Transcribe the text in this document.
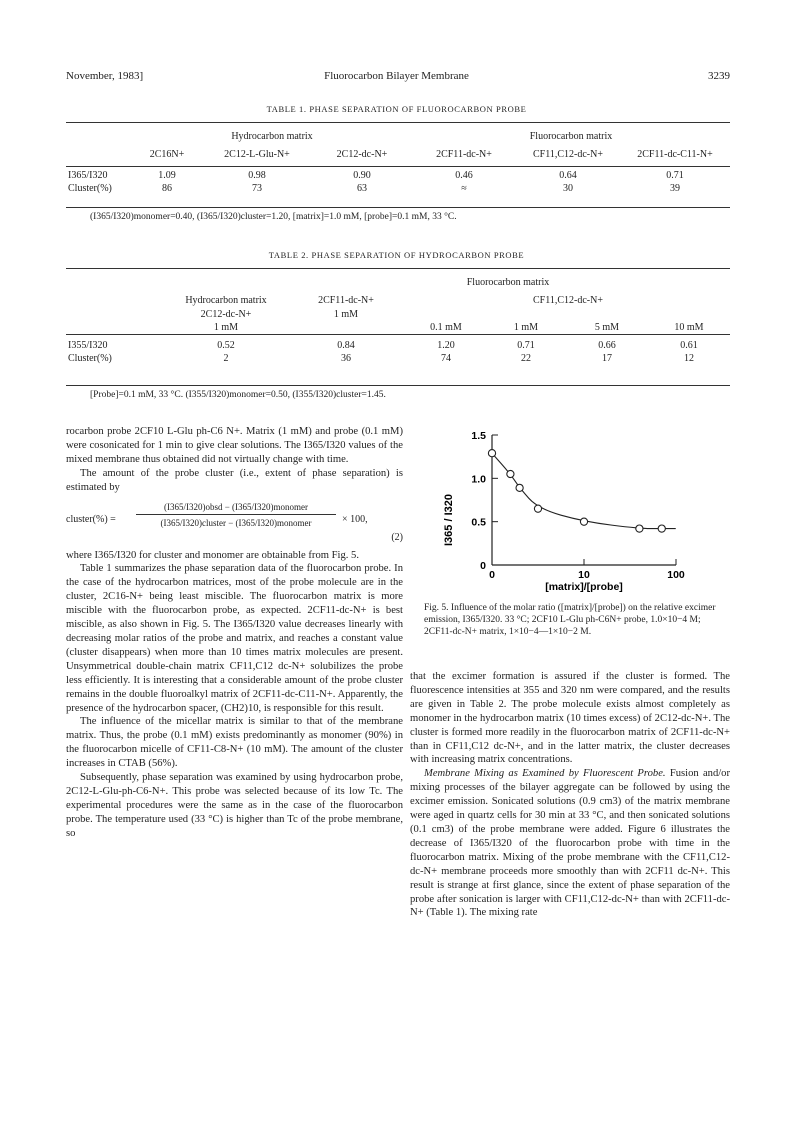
November, 1983]	Fluorocarbon Bilayer Membrane	3239
TABLE 1. PHASE SEPARATION OF FLUOROCARBON PROBE
	Hydrocarbon matrix			Fluorocarbon matrix		
	2C16N+	2C12-L-Glu-N+	2C12-dc-N+	2CF11-dc-N+	CF11,C12-dc-N+	2CF11-dc-C11-N+

I365/I320	1.09	0.98	0.90	0.46	0.64	0.71
Cluster(%)	86	73	63	≈	30	39
(I365/I320)monomer=0.40, (I365/I320)cluster=1.20, [matrix]=1.0 mM, [probe]=0.1 mM, 33 °C.
TABLE 2. PHASE SEPARATION OF HYDROCARBON PROBE
		Fluorocarbon matrix				
	Hydrocarbon matrix	2CF11-dc-N+	CF11,C12-dc-N+			
	2C12-dc-N+	1 mM				
	1 mM		0.1 mM	1 mM	5 mM	10 mM

I355/I320	0.52	0.84	1.20	0.71	0.66	0.61
Cluster(%)	2	36	74	22	17	12
[Probe]=0.1 mM, 33 °C. (I355/I320)monomer=0.50, (I355/I320)cluster=1.45.

rocarbon probe 2CF10 L-Glu ph-C6 N+. Matrix (1 mM) and probe (0.1 mM) were cosonicated for 1 min to give clear solutions. The I365/I320 values of the mixed membrane thus obtained did not virtually change with time.

The amount of the probe cluster (i.e., extent of phase separation) is estimated by

cluster(%) =
(I365/I320)obsd − (I365/I320)monomer
(I365/I320)cluster − (I365/I320)monomer	× 100,
(2)

where I365/I320 for cluster and monomer are obtainable from Fig. 5.

Table 1 summarizes the phase separation data of the fluorocarbon probe. In the case of the hydrocarbon matrices, most of the probe molecule are in the cluster, 2C16-N+ being least miscible. The fluorocarbon matrix is more miscible with the fluorocarbon probe, as expected. 2CF11-dc-N+ is best miscible, as also shown in Fig. 5. The I365/I320 value decreases linearly with decreasing molar ratios of the probe and matrix, and reaches a constant value (cluster disappears) when more than 10 times matrix molecules are present. Unsymmetrical double-chain matrix CF11,C12 dc-N+ solubilizes the probe less efficiently. It is interesting that a considerable amount of the probe cluster remains in the double fluoroalkyl matrix of 2CF11-dc-C11-N+. Apparently, the presence of the hydrocarbon spacer, (CH2)10, is responsible for this result.

The influence of the micellar matrix is similar to that of the membrane matrix. Thus, the probe (0.1 mM) exists predominantly as monomer (90%) in the fluorocarbon micelle of CF11-C8-N+ (10 mM). The amount of the cluster increases in CTAB (56%).

Subsequently, phase separation was examined by using hydrocarbon probe, 2C12-L-Glu-ph-C6-N+. This probe was selected because of its low Tc. The experimental procedures were the same as in the case of the fluorocarbon probe. The temperature used (33 °C) is higher than Tc of the probe membrane, so

I365 / I320
1.5
1.0
0.5
0
0	10	100
[matrix]/[probe]
Fig. 5. Influence of the molar ratio ([matrix]/[probe]) on the relative excimer emission, I365/I320. 33 °C; 2CF10 L-Glu ph-C6N+ probe, 1.0×10−4 M; 2CF11-dc-N+ matrix, 1×10−4—1×10−2 M.

that the excimer formation is assured if the cluster is formed. The fluorescence intensities at 355 and 320 nm were compared, and the results are given in Table 2. The probe molecule exists almost completely as monomer in the hydrocarbon matrix (10 times excess) of 2C12-dc-N+. The cluster is formed more readily in the fluorocarbon matrix of 2CF11-dc-N+ than in CF11,C12 dc-N+, and in the latter matrix, the cluster decreases with increasing matrix concentrations.

Membrane Mixing as Examined by Fluorescent Probe. Fusion and/or mixing processes of the bilayer aggregate can be followed by using the excimer emission. Sonicated solutions (0.9 cm3) of the matrix membrane were aged in quartz cells for 30 min at 33 °C, and then sonicated solutions (0.1 cm3) of the probe membrane were added. Figure 6 illustrates the decrease of I365/I320 of the fluorocarbon probe with time in the fluorocarbon matrix. Mixing of the probe membrane with the CF11,C12-dc-N+ membrane proceeds more smoothly than with 2CF11 dc-N+. This result is strange at first glance, since the extent of phase separation of the probe after sonication is larger with CF11,C12-dc-N+ than with 2CF11-dc-N+ (Table 1). The mixing rate
